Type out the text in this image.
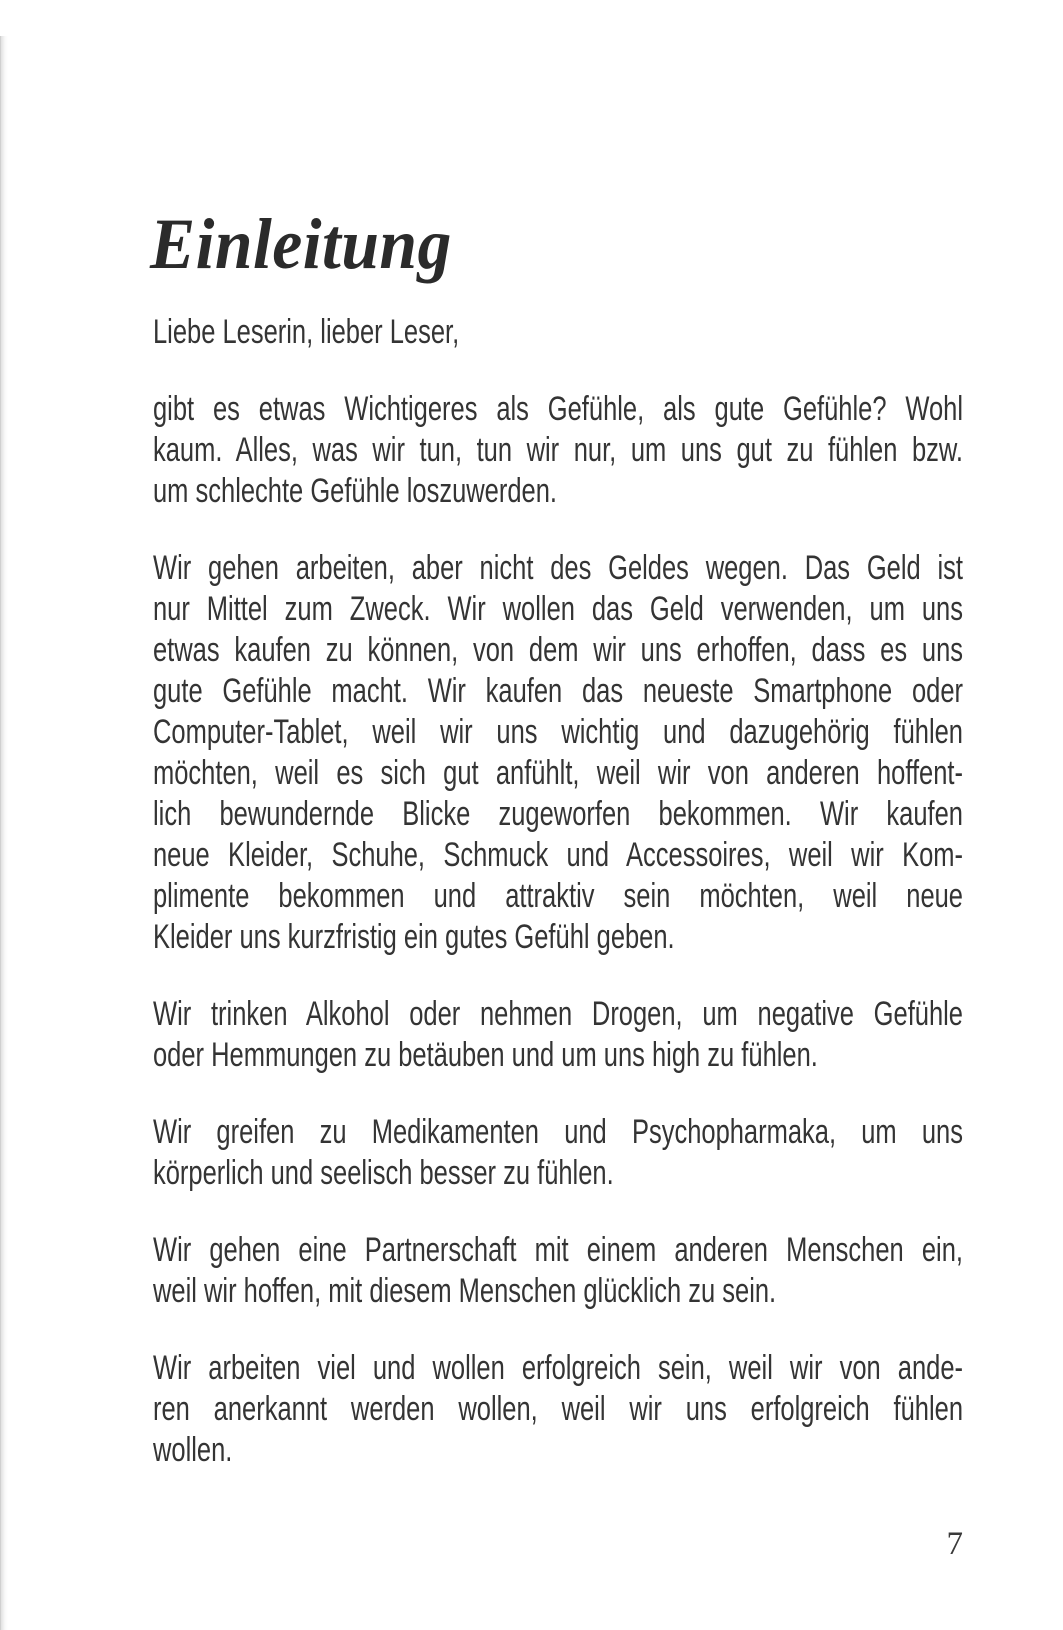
Einleitung
Liebe Leserin, lieber Leser,
gibt es etwas Wichtigeres als Gefühle, als gute Gefühle? Wohl
kaum. Alles, was wir tun, tun wir nur, um uns gut zu fühlen bzw.
um schlechte Gefühle loszuwerden.
Wir gehen arbeiten, aber nicht des Geldes wegen. Das Geld ist
nur Mittel zum Zweck. Wir wollen das Geld verwenden, um uns
etwas kaufen zu können, von dem wir uns erhoffen, dass es uns
gute Gefühle macht. Wir kaufen das neueste Smartphone oder
Computer-Tablet, weil wir uns wichtig und dazugehörig fühlen
möchten, weil es sich gut anfühlt, weil wir von anderen hoffent-
lich bewundernde Blicke zugeworfen bekommen. Wir kaufen
neue Kleider, Schuhe, Schmuck und Accessoires, weil wir Kom-
plimente bekommen und attraktiv sein möchten, weil neue
Kleider uns kurzfristig ein gutes Gefühl geben.
Wir trinken Alkohol oder nehmen Drogen, um negative Gefühle
oder Hemmungen zu betäuben und um uns high zu fühlen.
Wir greifen zu Medikamenten und Psychopharmaka, um uns
körperlich und seelisch besser zu fühlen.
Wir gehen eine Partnerschaft mit einem anderen Menschen ein,
weil wir hoffen, mit diesem Menschen glücklich zu sein.
Wir arbeiten viel und wollen erfolgreich sein, weil wir von ande-
ren anerkannt werden wollen, weil wir uns erfolgreich fühlen
wollen.
7
